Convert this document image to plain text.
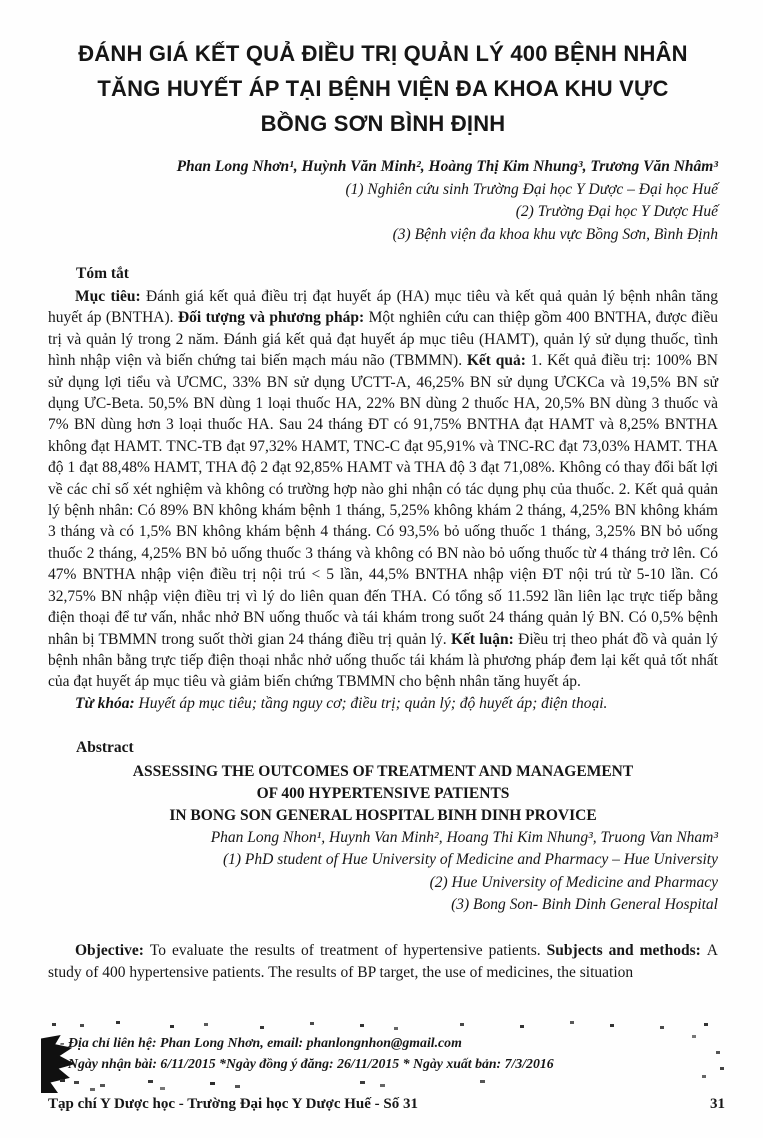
ĐÁNH GIÁ KẾT QUẢ ĐIỀU TRỊ QUẢN LÝ 400 BỆNH NHÂN
TĂNG HUYẾT ÁP TẠI BỆNH VIỆN ĐA KHOA KHU VỰC
BỒNG SƠN BÌNH ĐỊNH
Phan Long Nhơn¹, Huỳnh Văn Minh², Hoàng Thị Kim Nhung³, Trương Văn Nhâm³
(1) Nghiên cứu sinh Trường Đại học Y Dược – Đại học Huế
(2) Trường Đại học Y Dược Huế
(3) Bệnh viện đa khoa khu vực Bồng Sơn, Bình Định
Tóm tắt
Mục tiêu: Đánh giá kết quả điều trị đạt huyết áp (HA) mục tiêu và kết quả quản lý bệnh nhân tăng huyết áp (BNTHA). Đối tượng và phương pháp: Một nghiên cứu can thiệp gồm 400 BNTHA, được điều trị và quản lý trong 2 năm. Đánh giá kết quả đạt huyết áp mục tiêu (HAMT), quản lý sử dụng thuốc, tình hình nhập viện và biến chứng tai biến mạch máu não (TBMMN). Kết quả: 1. Kết quả điều trị: 100% BN sử dụng lợi tiểu và ƯCMC, 33% BN sử dụng ƯCTT-A, 46,25% BN sử dụng ƯCKCa và 19,5% BN sử dụng ƯC-Beta. 50,5% BN dùng 1 loại thuốc HA, 22% BN dùng 2 thuốc HA, 20,5% BN dùng 3 thuốc và 7% BN dùng hơn 3 loại thuốc HA. Sau 24 tháng ĐT có 91,75% BNTHA đạt HAMT và 8,25% BNTHA không đạt HAMT. TNC-TB đạt 97,32% HAMT, TNC-C đạt 95,91% và TNC-RC đạt 73,03% HAMT. THA độ 1 đạt 88,48% HAMT, THA độ 2 đạt 92,85% HAMT và THA độ 3 đạt 71,08%. Không có thay đổi bất lợi về các chỉ số xét nghiệm và không có trường hợp nào ghi nhận có tác dụng phụ của thuốc. 2. Kết quả quản lý bệnh nhân: Có 89% BN không khám bệnh 1 tháng, 5,25% không khám 2 tháng, 4,25% BN không khám 3 tháng và có 1,5% BN không khám bệnh 4 tháng. Có 93,5% bỏ uống thuốc 1 tháng, 3,25% BN bỏ uống thuốc 2 tháng, 4,25% BN bỏ uống thuốc 3 tháng và không có BN nào bỏ uống thuốc từ 4 tháng trở lên. Có 47% BNTHA nhập viện điều trị nội trú < 5 lần, 44,5% BNTHA nhập viện ĐT nội trú từ 5-10 lần. Có 32,75% BN nhập viện điều trị vì lý do liên quan đến THA. Có tổng số 11.592 lần liên lạc trực tiếp bằng điện thoại để tư vấn, nhắc nhở BN uống thuốc và tái khám trong suốt 24 tháng quản lý BN. Có 0,5% bệnh nhân bị TBMMN trong suốt thời gian 24 tháng điều trị quản lý. Kết luận: Điều trị theo phát đồ và quản lý bệnh nhân bằng trực tiếp điện thoại nhắc nhở uống thuốc tái khám là phương pháp đem lại kết quả tốt nhất của đạt huyết áp mục tiêu và giảm biến chứng TBMMN cho bệnh nhân tăng huyết áp.
Từ khóa: Huyết áp mục tiêu; tầng nguy cơ; điều trị; quản lý; độ huyết áp; điện thoại.
Abstract
ASSESSING THE OUTCOMES OF TREATMENT AND MANAGEMENT
OF 400 HYPERTENSIVE PATIENTS
IN BONG SON GENERAL HOSPITAL BINH DINH PROVICE
Phan Long Nhon¹, Huynh Van Minh², Hoang Thi Kim Nhung³, Truong Van Nham³
(1) PhD student of Hue University of Medicine and Pharmacy – Hue University
(2) Hue University of Medicine and Pharmacy
(3) Bong Son- Binh Dinh General Hospital
Objective: To evaluate the results of treatment of hypertensive patients. Subjects and methods: A study of 400 hypertensive patients. The results of BP target, the use of medicines, the situation
- Địa chỉ liên hệ: Phan Long Nhơn, email: phanlongnhon@gmail.com
- Ngày nhận bài: 6/11/2015 *Ngày đồng ý đăng: 26/11/2015 * Ngày xuất bản: 7/3/2016
Tạp chí Y Dược học - Trường Đại học Y Dược Huế - Số 31	31
